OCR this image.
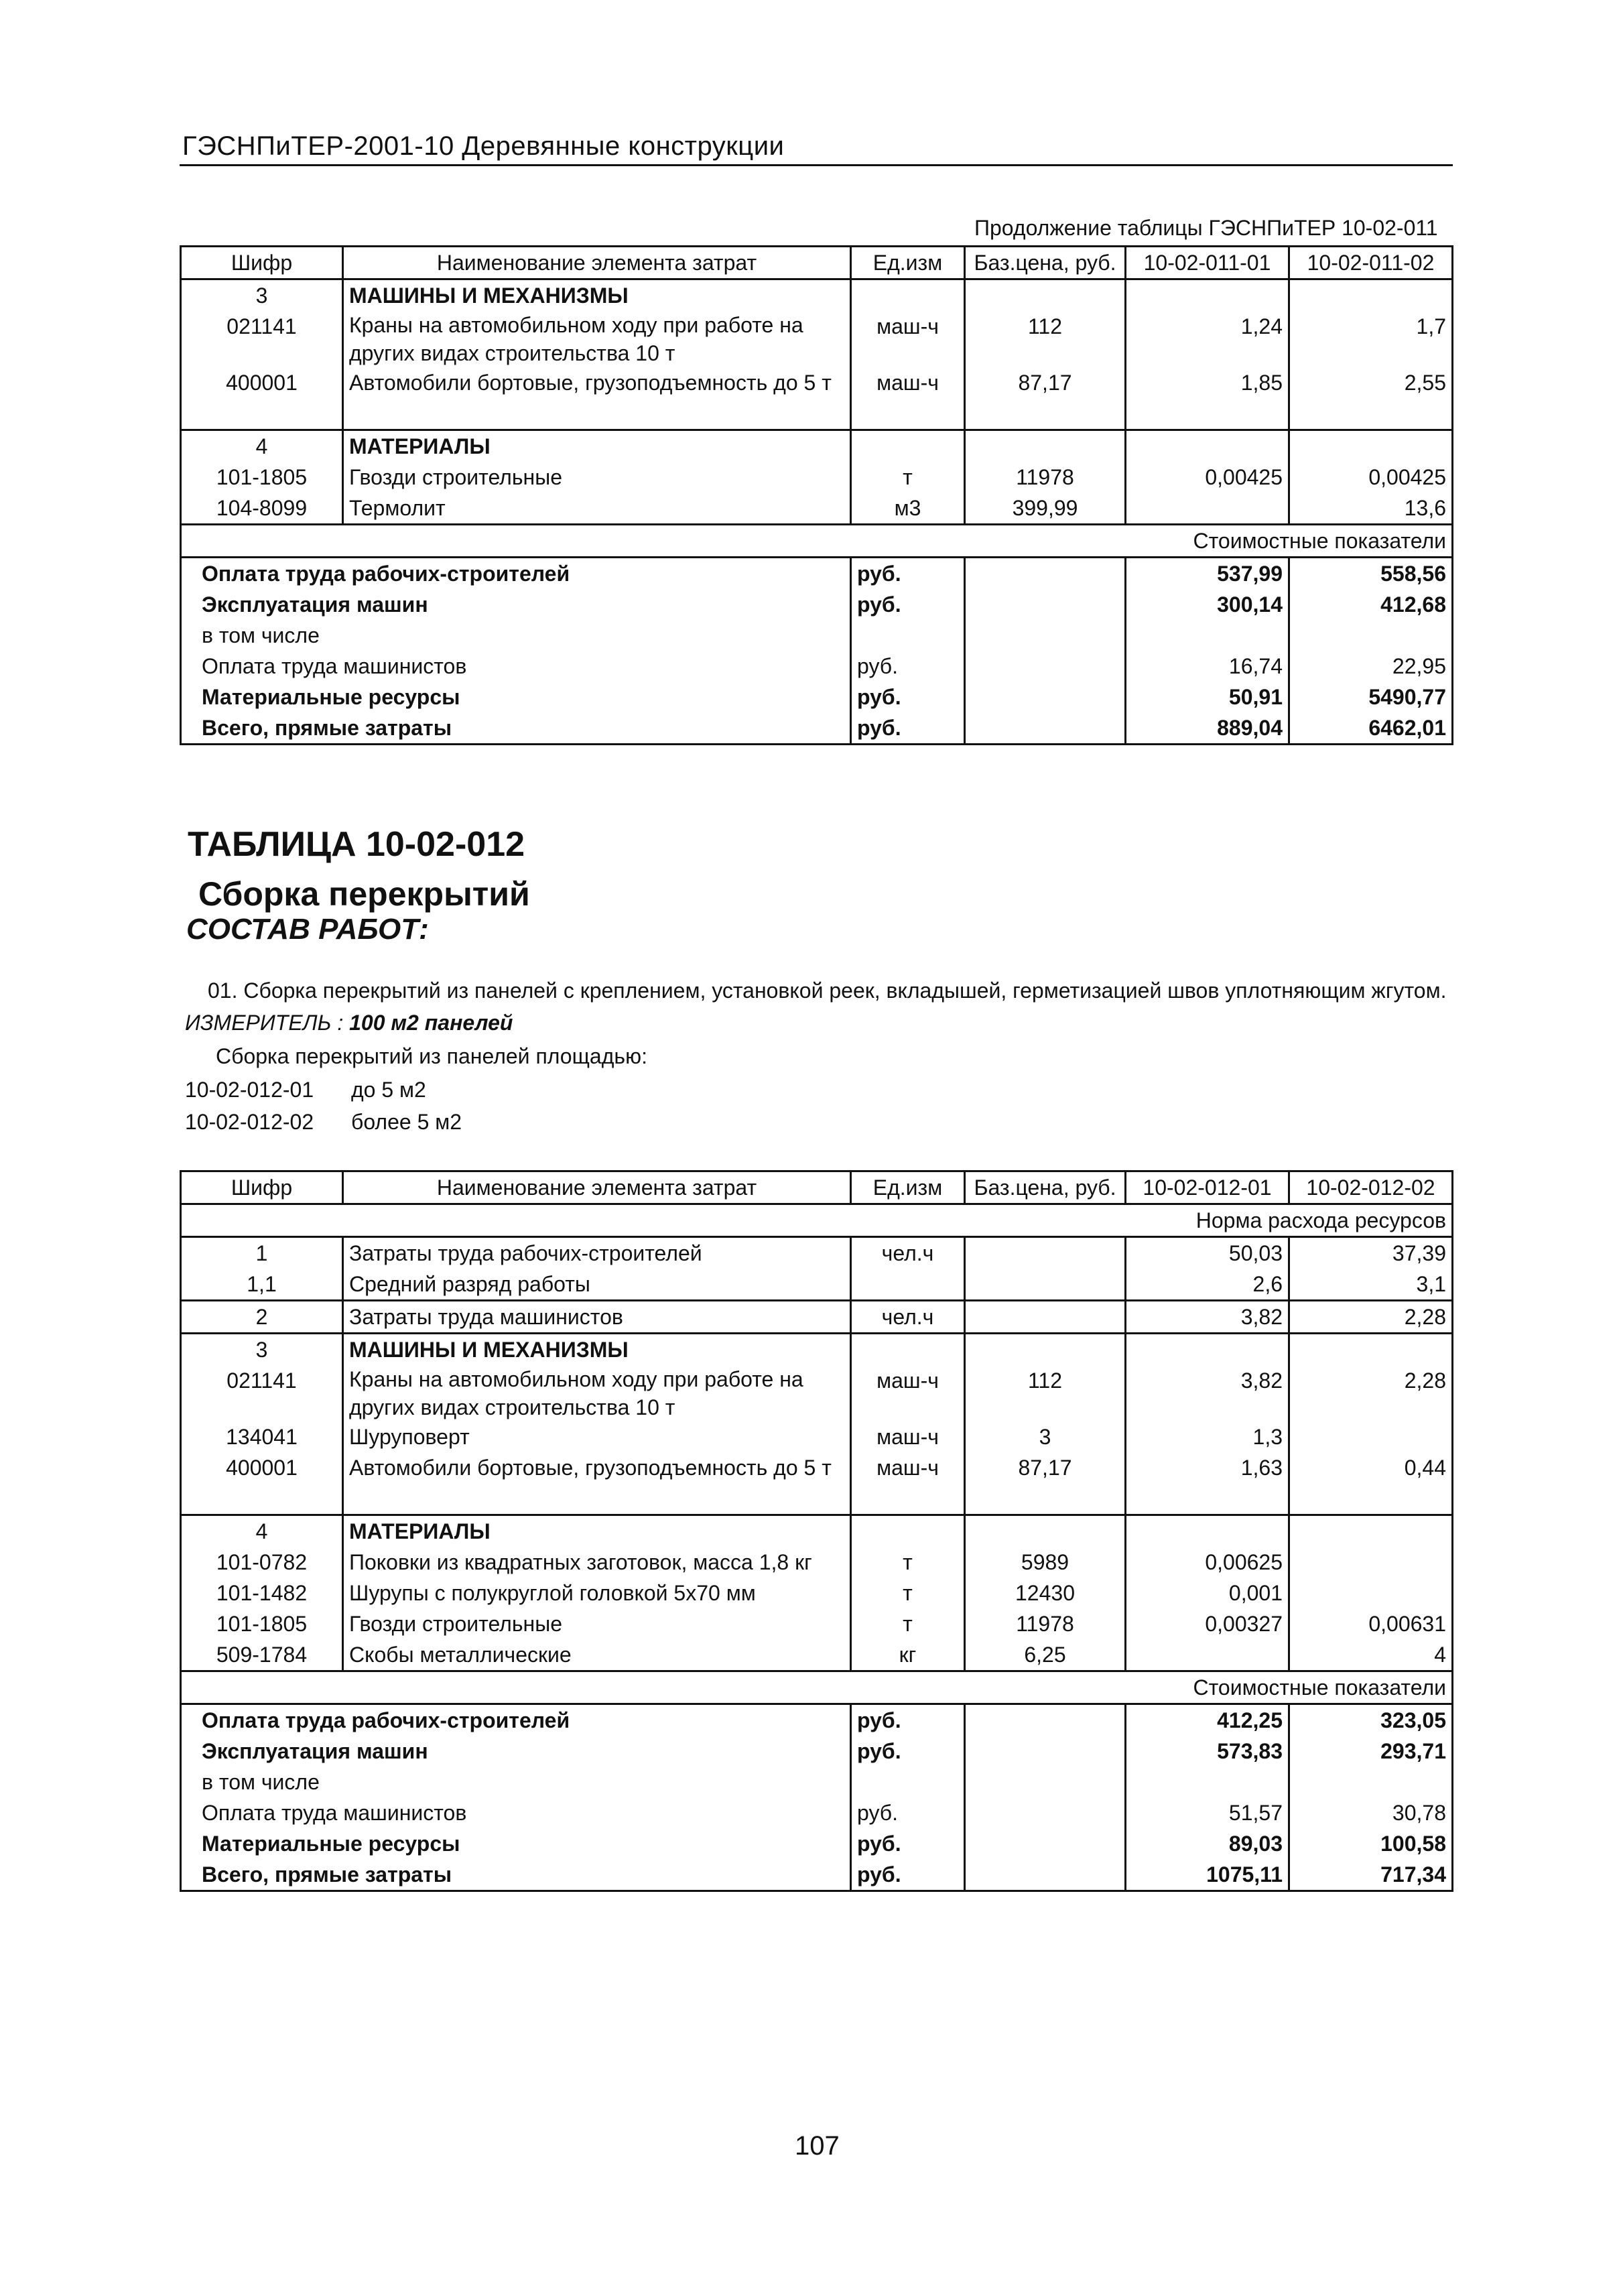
ГЭСНПиТЕР-2001-10 Деревянные конструкции
Продолжение таблицы ГЭСНПиТЕР 10-02-011
Шифр	Наименование элемента затрат	Ед.изм	Баз.цена, руб.	10-02-011-01	10-02-011-02
3	МАШИНЫ И МЕХАНИЗМЫ				
021141	Краны на автомобильном ходу при работе на других видах строительства 10 т	маш-ч	112	1,24	1,7
400001	Автомобили бортовые, грузоподъемность до 5 т	маш-ч	87,17	1,85	2,55

4	МАТЕРИАЛЫ				
101-1805	Гвозди строительные	т	11978	0,00425	0,00425
104-8099	Термолит	м3	399,99		13,6
Стоимостные показатели					
Оплата труда рабочих-строителей		руб.		537,99	558,56
Эксплуатация машин		руб.		300,14	412,68
в том числе					
Оплата труда машинистов		руб.		16,74	22,95
Материальные ресурсы		руб.		50,91	5490,77
Всего, прямые затраты		руб.		889,04	6462,01
ТАБЛИЦА 10-02-012
Сборка перекрытий
СОСТАВ РАБОТ:
01. Сборка перекрытий из панелей с креплением, установкой реек, вкладышей, герметизацией швов уплотняющим жгутом.
ИЗМЕРИТЕЛЬ : 100 м2 панелей
Сборка перекрытий из панелей площадью:
10-02-012-01 до 5 м2
10-02-012-02 более 5 м2
Шифр	Наименование элемента затрат	Ед.изм	Баз.цена, руб.	10-02-012-01	10-02-012-02
Норма расхода ресурсов					
1	Затраты труда рабочих-строителей	чел.ч		50,03	37,39
1,1	Средний разряд работы			2,6	3,1
2	Затраты труда машинистов	чел.ч		3,82	2,28
3	МАШИНЫ И МЕХАНИЗМЫ				
021141	Краны на автомобильном ходу при работе на других видах строительства 10 т	маш-ч	112	3,82	2,28
134041	Шуруповерт	маш-ч	3	1,3	
400001	Автомобили бортовые, грузоподъемность до 5 т	маш-ч	87,17	1,63	0,44

4	МАТЕРИАЛЫ				
101-0782	Поковки из квадратных заготовок, масса 1,8 кг	т	5989	0,00625	
101-1482	Шурупы с полукруглой головкой 5х70 мм	т	12430	0,001	
101-1805	Гвозди строительные	т	11978	0,00327	0,00631
509-1784	Скобы металлические	кг	6,25		4
Стоимостные показатели					
Оплата труда рабочих-строителей		руб.		412,25	323,05
Эксплуатация машин		руб.		573,83	293,71
в том числе					
Оплата труда машинистов		руб.		51,57	30,78
Материальные ресурсы		руб.		89,03	100,58
Всего, прямые затраты		руб.		1075,11	717,34
107
